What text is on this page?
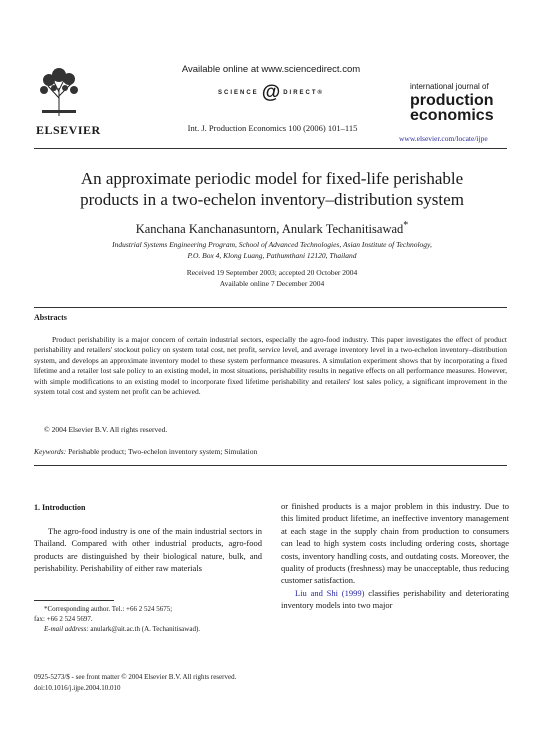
ELSEVIER
Available online at www.sciencedirect.com
SCIENCE @ DIRECT®
Int. J. Production Economics 100 (2006) 101–115
international journal of
production
economics
www.elsevier.com/locate/ijpe
An approximate periodic model for fixed-life perishable
products in a two-echelon inventory–distribution system
Kanchana Kanchanasuntorn, Anulark Techanitisawad*
Industrial Systems Engineering Program, School of Advanced Technologies, Asian Institute of Technology,
P.O. Box 4, Klong Luang, Pathumthani 12120, Thailand
Received 19 September 2003; accepted 20 October 2004
Available online 7 December 2004
Abstracts
Product perishability is a major concern of certain industrial sectors, especially the agro-food industry. This paper investigates the effect of product perishability and retailers' stockout policy on system total cost, net profit, service level, and average inventory level in a two-echelon inventory–distribution system, and develops an approximate inventory model to these system performance measures. A simulation experiment shows that by incorporating a fixed lifetime and a retailer lost sale policy to an existing model, in most situations, perishability results in negative effects on all performance measures. However, with simple modifications to an existing model to incorporate fixed lifetime perishability and retailers' lost sales policy, a significant improvement in the system total cost and system net profit can be achieved.
© 2004 Elsevier B.V. All rights reserved.
Keywords: Perishable product; Two-echelon inventory system; Simulation
1. Introduction
The agro-food industry is one of the main industrial sectors in Thailand. Compared with other industrial products, agro-food products are distinguished by their biological nature, bulk, and perishability. Perishability of either raw materials

or finished products is a major problem in this industry. Due to this limited product lifetime, an ineffective inventory management at each stage in the supply chain from production to consumers can lead to high system costs including ordering costs, shortage costs, inventory handling costs, and outdating costs. Moreover, the quality of products (freshness) may be unacceptable, thus reducing customer satisfaction.

Liu and Shi (1999) classifies perishability and deteriorating inventory models into two major

*Corresponding author. Tel.: +66 2 524 5675;
fax: +66 2 524 5697.
E-mail address: anulark@ait.ac.th (A. Techanitisawad).
0925-5273/$ - see front matter © 2004 Elsevier B.V. All rights reserved.
doi:10.1016/j.ijpe.2004.10.010
